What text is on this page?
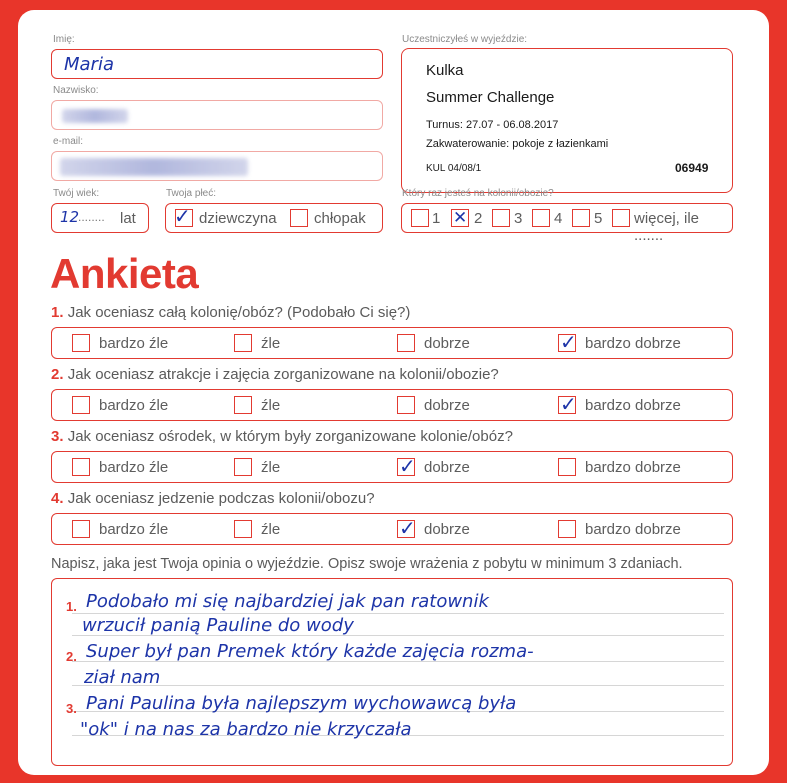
Imię:
Maria
Nazwisko:
e-mail:
Twój wiek:
12
........ lat
Twoja płeć:
✓ dziewczyna chłopak
Uczestniczyłeś w wyjeździe:
Kulka
Summer Challenge
Turnus: 27.07 - 06.08.2017
Zakwaterowanie: pokoje z łazienkami
KUL 04/08/1	06949
Który raz jesteś na kolonii/obozie?
1 ✕ 2 3 4 5 więcej, ile .......
Ankieta
1. Jak oceniasz całą kolonię/obóz? (Podobało Ci się?)
bardzo źle	źle	dobrze	✓ bardzo dobrze
2. Jak oceniasz atrakcje i zajęcia zorganizowane na kolonii/obozie?
bardzo źle	źle	dobrze	✓ bardzo dobrze
3. Jak oceniasz ośrodek, w którym były zorganizowane kolonie/obóz?
bardzo źle	źle	✓ dobrze	bardzo dobrze
4. Jak oceniasz jedzenie podczas kolonii/obozu?
bardzo źle	źle	✓ dobrze	bardzo dobrze
Napisz, jaka jest Twoja opinia o wyjeździe. Opisz swoje wrażenia z pobytu w minimum 3 zdaniach.
1.
2.
3.
Podobało mi się najbardziej jak pan ratownik
wrzucił panią Pauline do wody
Super był pan Premek który każde zajęcia rozma-
ział nam
Pani Paulina była najlepszym wychowawcą była
"ok" i na nas za bardzo nie krzyczała
